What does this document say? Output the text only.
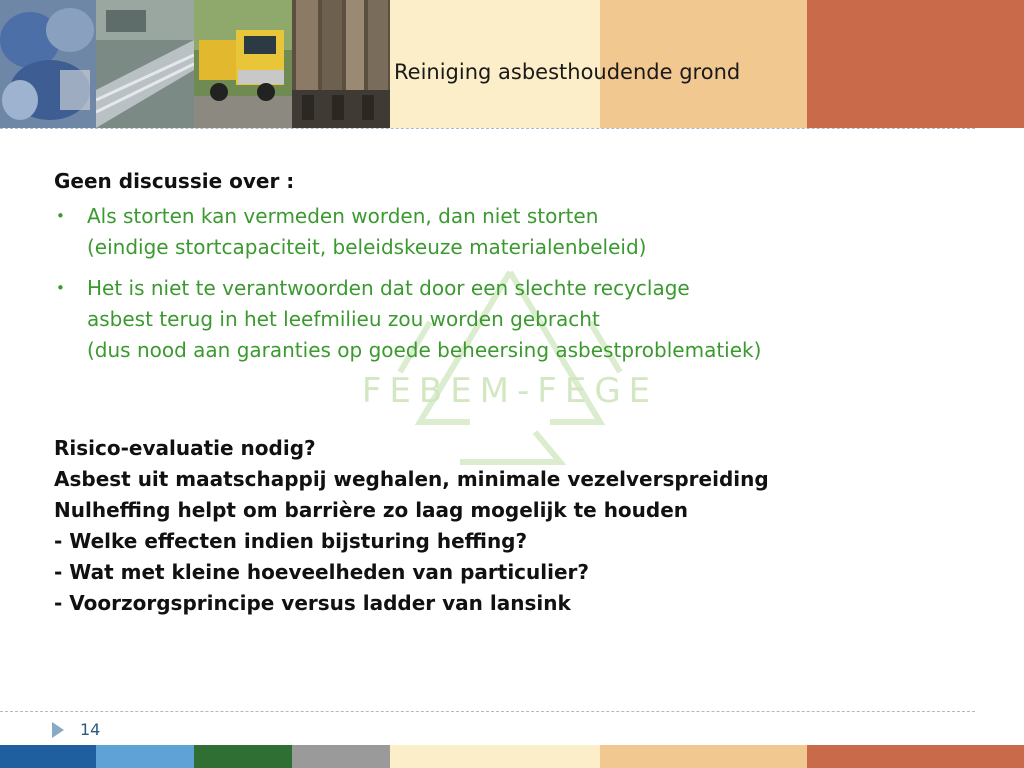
Reiniging asbesthoudende grond
FEBEM-FEGE

Geen discussie over :

• Als storten kan vermeden worden, dan niet storten
(eindige stortcapaciteit, beleidskeuze materialenbeleid)
• Het is niet te verantwoorden dat door een slechte recyclage
asbest terug in het leefmilieu zou worden gebracht
(dus nood aan garanties op goede beheersing asbestproblematiek)
Risico-evaluatie nodig?
Asbest uit maatschappij weghalen, minimale vezelverspreiding
Nulheffing helpt om barrière zo laag mogelijk te houden
- Welke effecten indien bijsturing heffing?
- Wat met kleine hoeveelheden van particulier?
- Voorzorgsprincipe versus ladder van lansink
14
